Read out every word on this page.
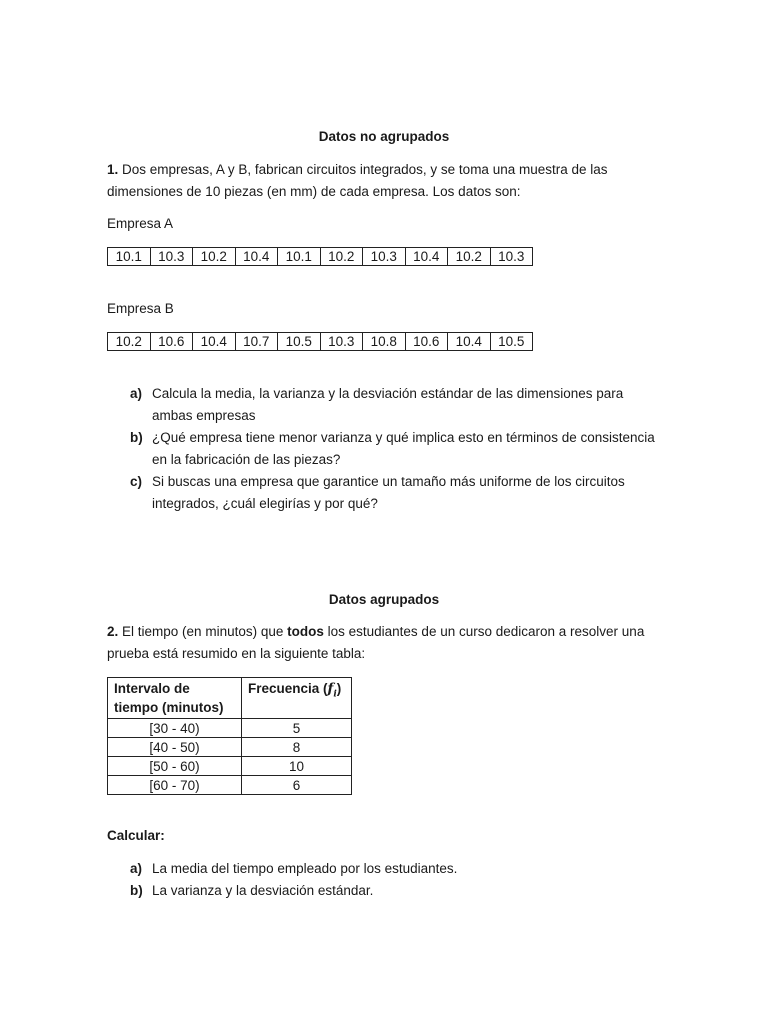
Datos no agrupados

1. Dos empresas, A y B, fabrican circuitos integrados, y se toma una muestra de las

dimensiones de 10 piezas (en mm) de cada empresa. Los datos son:

Empresa A
10.1	10.3	10.2	10.4	10.1	10.2	10.3	10.4	10.2	10.3
Empresa B
10.2	10.6	10.4	10.7	10.5	10.3	10.8	10.6	10.4	10.5
a) Calcula la media, la varianza y la desviación estándar de las dimensiones para
ambas empresas
b) ¿Qué empresa tiene menor varianza y qué implica esto en términos de consistencia
en la fabricación de las piezas?
c) Si buscas una empresa que garantice un tamaño más uniforme de los circuitos
integrados, ¿cuál elegirías y por qué?
Datos agrupados

2. El tiempo (en minutos) que todos los estudiantes de un curso dedicaron a resolver una

prueba está resumido en la siguiente tabla:

Intervalo de
tiempo (minutos)	Frecuencia $(f_i)$
[30 - 40)	5
[40 - 50)	8
[50 - 60)	10
[60 - 70)	6
Calcular:
a) La media del tiempo empleado por los estudiantes.
b) La varianza y la desviación estándar.
